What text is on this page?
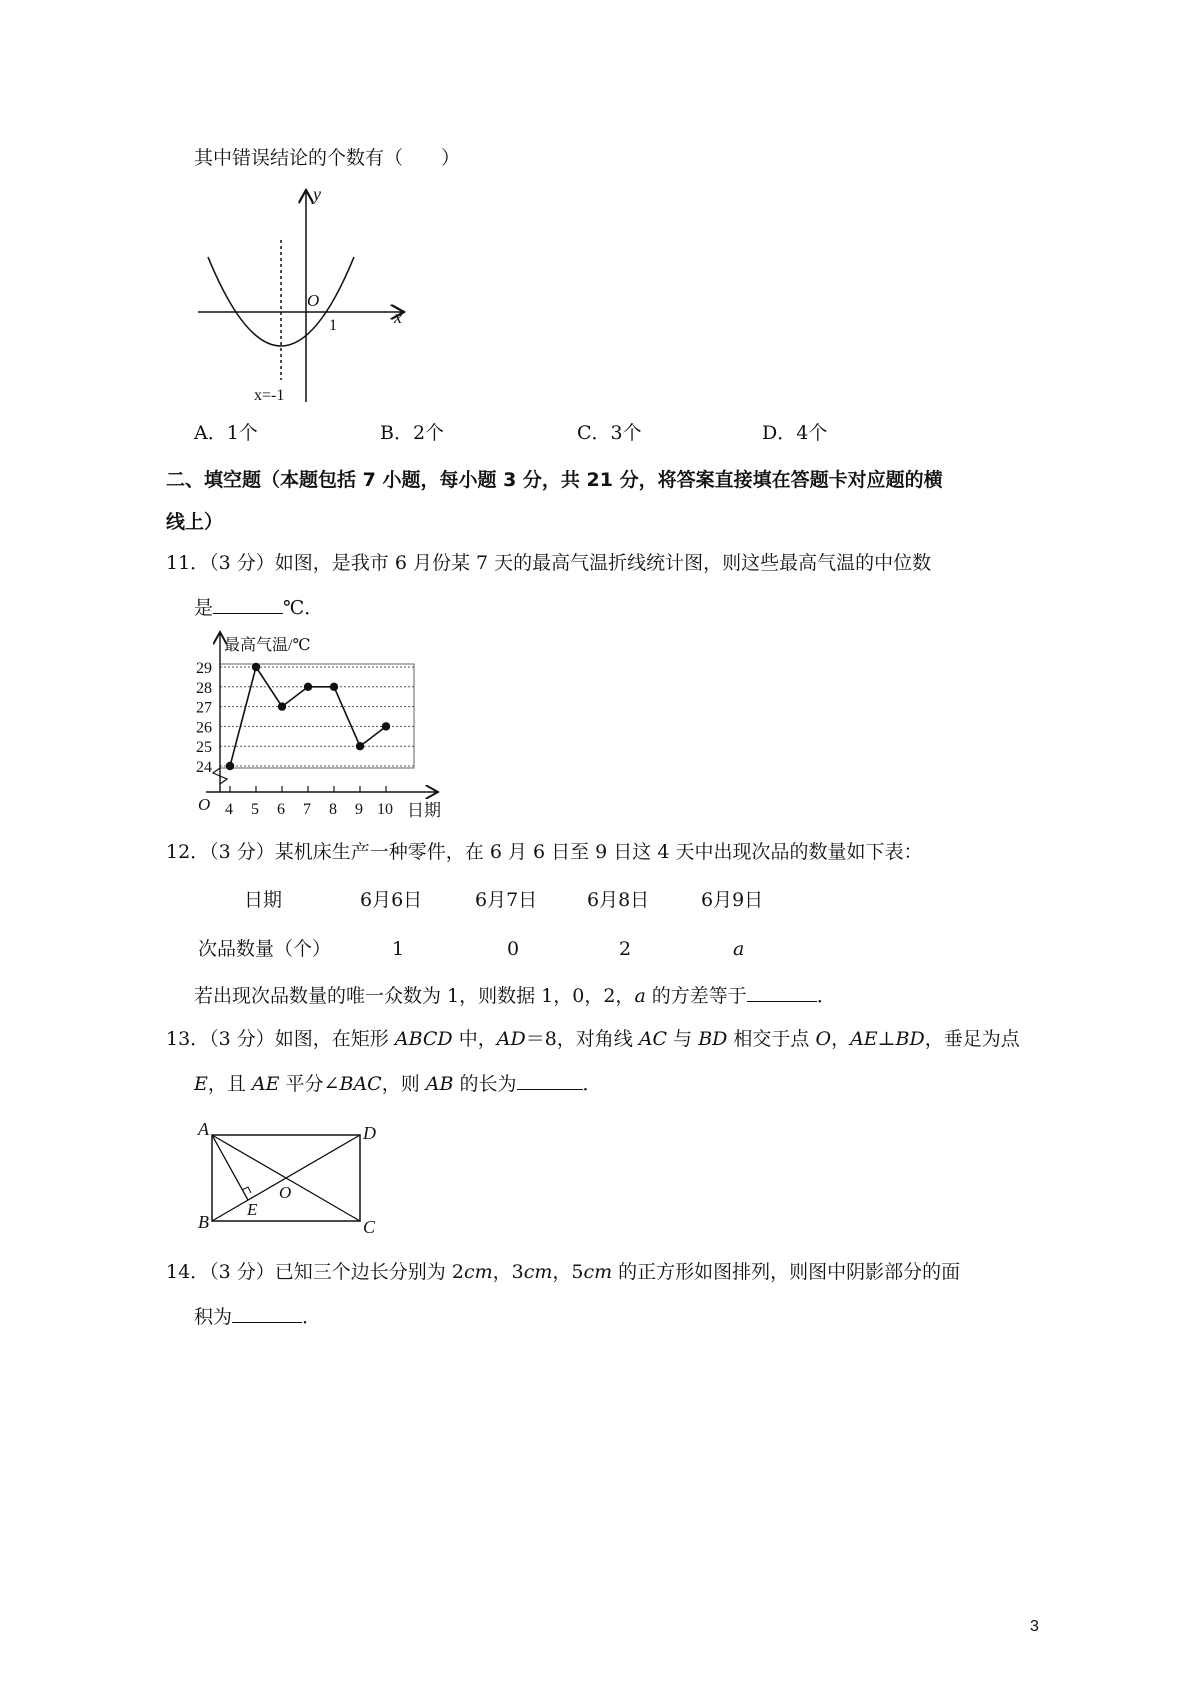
其中错误结论的个数有（　　）
y
x
O
1
x=-1
A．1个	B．2个	C．3个	D．4个
二、填空题（本题包括 7 小题，每小题 3 分，共 21 分，将答案直接填在答题卡对应题的横
线上）
11．（3 分）如图，是我市 6 月份某 7 天的最高气温折线统计图，则这些最高气温的中位数
是	℃．
最高气温/℃
O	日期
24
25
26
27
28
29
4 5 6 7 8 9 10
12．（3 分）某机床生产一种零件，在 6 月 6 日至 9 日这 4 天中出现次品的数量如下表：
日期	6月6日	6月7日	6月8日	6月9日
次品数量（个）	1	0	2	a
若出现次品数量的唯一众数为 1，则数据 1，0，2，a 的方差等于	．
13．（3 分）如图，在矩形 ABCD 中，AD＝8，对角线 AC 与 BD 相交于点 O，AE⊥BD，垂足为点
E，且 AE 平分∠BAC，则 AB 的长为	．
A	D
B	C
E
O
14．（3 分）已知三个边长分别为 2cm，3cm，5cm 的正方形如图排列，则图中阴影部分的面
积为	．
3
